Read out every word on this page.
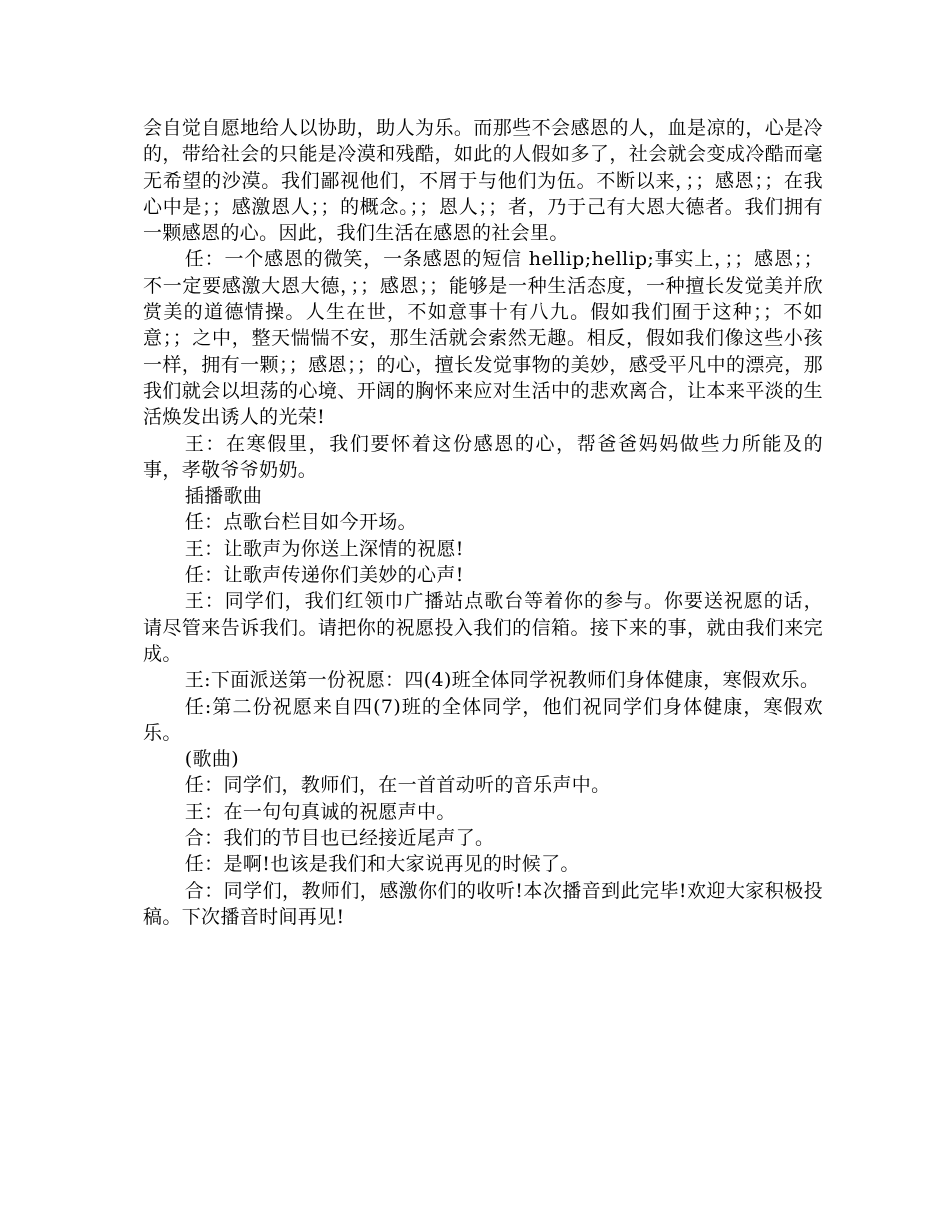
会自觉自愿地给人以协助，助人为乐。而那些不会感恩的人，血是凉的，心是冷的，带给社会的只能是冷漠和残酷，如此的人假如多了，社会就会变成冷酷而毫无希望的沙漠。我们鄙视他们，不屑于与他们为伍。不断以来，；；感恩；；在我心中是；；感激恩人；；的概念。；；恩人；；者，乃于己有大恩大德者。我们拥有一颗感恩的心。因此，我们生活在感恩的社会里。

任：一个感恩的微笑，一条感恩的短信 hellip;hellip;事实上，；；感恩；；不一定要感激大恩大德，；；感恩；；能够是一种生活态度，一种擅长发觉美并欣赏美的道德情操。人生在世，不如意事十有八九。假如我们囿于这种；；不如意；；之中，整天惴惴不安，那生活就会索然无趣。相反，假如我们像这些小孩一样，拥有一颗；；感恩；；的心，擅长发觉事物的美妙，感受平凡中的漂亮，那我们就会以坦荡的心境、开阔的胸怀来应对生活中的悲欢离合，让本来平淡的生活焕发出诱人的光荣!

王：在寒假里，我们要怀着这份感恩的心，帮爸爸妈妈做些力所能及的事，孝敬爷爷奶奶。

插播歌曲

任：点歌台栏目如今开场。

王：让歌声为你送上深情的祝愿!

任：让歌声传递你们美妙的心声!

王：同学们，我们红领巾广播站点歌台等着你的参与。你要送祝愿的话，请尽管来告诉我们。请把你的祝愿投入我们的信箱。接下来的事，就由我们来完成。

王:下面派送第一份祝愿：四(4)班全体同学祝教师们身体健康，寒假欢乐。

任:第二份祝愿来自四(7)班的全体同学，他们祝同学们身体健康，寒假欢乐。

(歌曲)

任：同学们，教师们，在一首首动听的音乐声中。

王：在一句句真诚的祝愿声中。

合：我们的节目也已经接近尾声了。

任：是啊!也该是我们和大家说再见的时候了。

合：同学们，教师们，感激你们的收听!本次播音到此完毕!欢迎大家积极投稿。下次播音时间再见!
